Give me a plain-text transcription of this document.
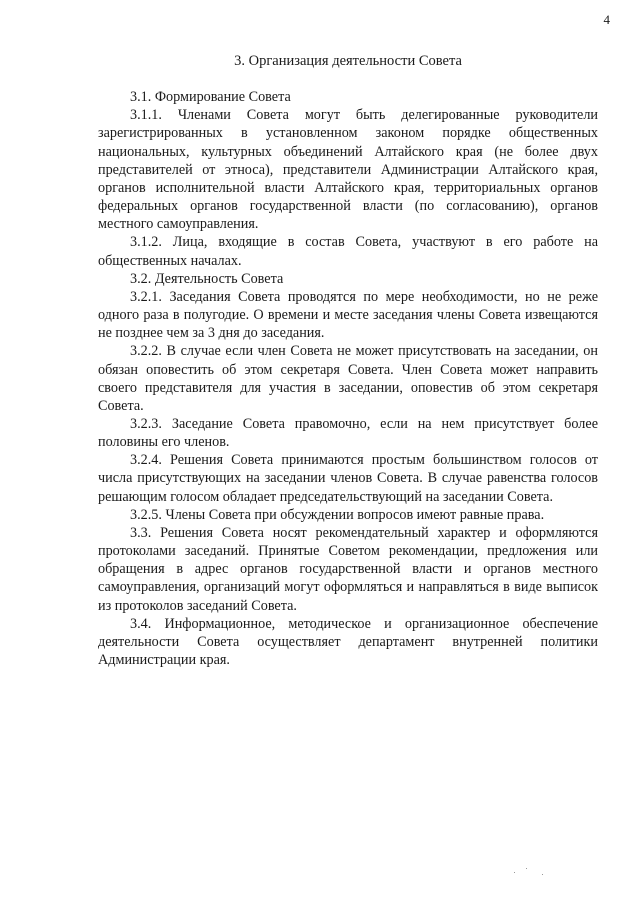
4
3. Организация деятельности Совета

3.1. Формирование Совета

3.1.1. Членами Совета могут быть делегированные руководители зарегистрированных в установленном законом порядке общественных национальных, культурных объединений Алтайского края (не более двух представителей от этноса), представители Администрации Алтайского края, органов исполнительной власти Алтайского края, территориальных органов федеральных органов государственной власти (по согласованию), органов местного самоуправления.

3.1.2. Лица, входящие в состав Совета, участвуют в его работе на общественных началах.

3.2. Деятельность Совета

3.2.1. Заседания Совета проводятся по мере необходимости, но не реже одного раза в полугодие. О времени и месте заседания члены Совета извещаются не позднее чем за 3 дня до заседания.

3.2.2. В случае если член Совета не может присутствовать на заседании, он обязан оповестить об этом секретаря Совета. Член Совета может направить своего представителя для участия в заседании, оповестив об этом секретаря Совета.

3.2.3. Заседание Совета правомочно, если на нем присутствует более половины его членов.

3.2.4. Решения Совета принимаются простым большинством голосов от числа присутствующих на заседании членов Совета. В случае равенства голосов решающим голосом обладает председательствующий на заседании Совета.

3.2.5. Члены Совета при обсуждении вопросов имеют равные права.

3.3. Решения Совета носят рекомендательный характер и оформляются протоколами заседаний. Принятые Советом рекомендации, предложения или обращения в адрес органов государственной власти и органов местного самоуправления, организаций могут оформляться и направляться в виде выписок из протоколов заседаний Совета.

3.4. Информационное, методическое и организационное обеспечение деятельности Совета осуществляет департамент внутренней политики Администрации края.
